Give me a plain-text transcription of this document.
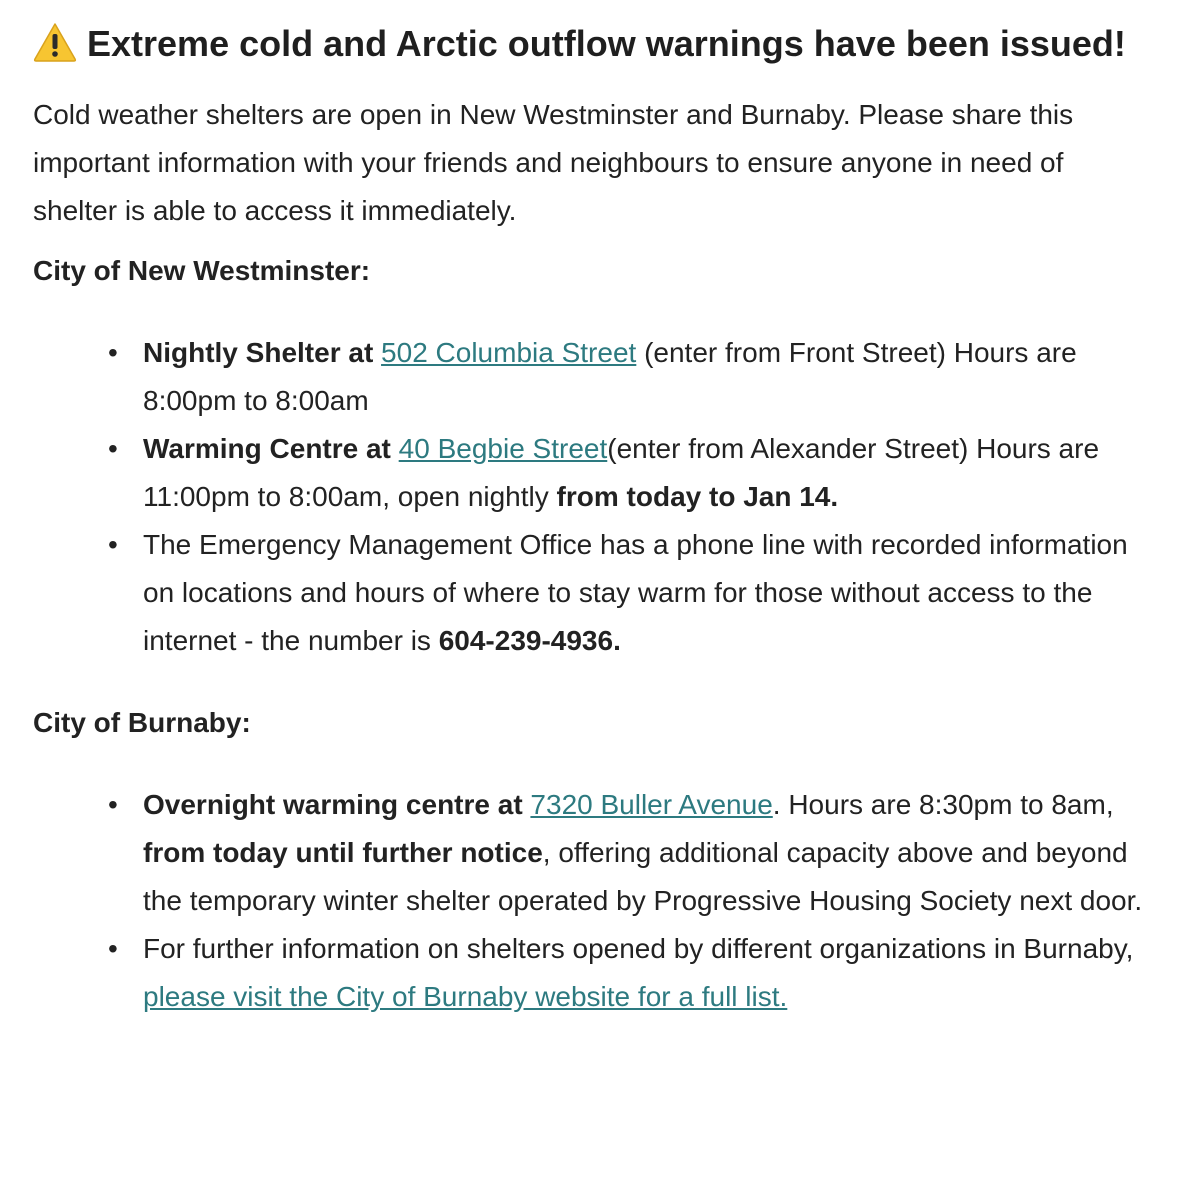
Extreme cold and Arctic outflow warnings have been issued!

Cold weather shelters are open in New Westminster and Burnaby. Please share this important information with your friends and neighbours to ensure anyone in need of shelter is able to access it immediately.

City of New Westminster:
• Nightly Shelter at 502 Columbia Street (enter from Front Street) Hours are 8:00pm to 8:00am
• Warming Centre at 40 Begbie Street(enter from Alexander Street) Hours are 11:00pm to 8:00am, open nightly from today to Jan 14.
• The Emergency Management Office has a phone line with recorded information on locations and hours of where to stay warm for those without access to the internet - the number is 604-239-4936.
City of Burnaby:
• Overnight warming centre at 7320 Buller Avenue. Hours are 8:30pm to 8am, from today until further notice, offering additional capacity above and beyond the temporary winter shelter operated by Progressive Housing Society next door.
• For further information on shelters opened by different organizations in Burnaby, please visit the City of Burnaby website for a full list.
